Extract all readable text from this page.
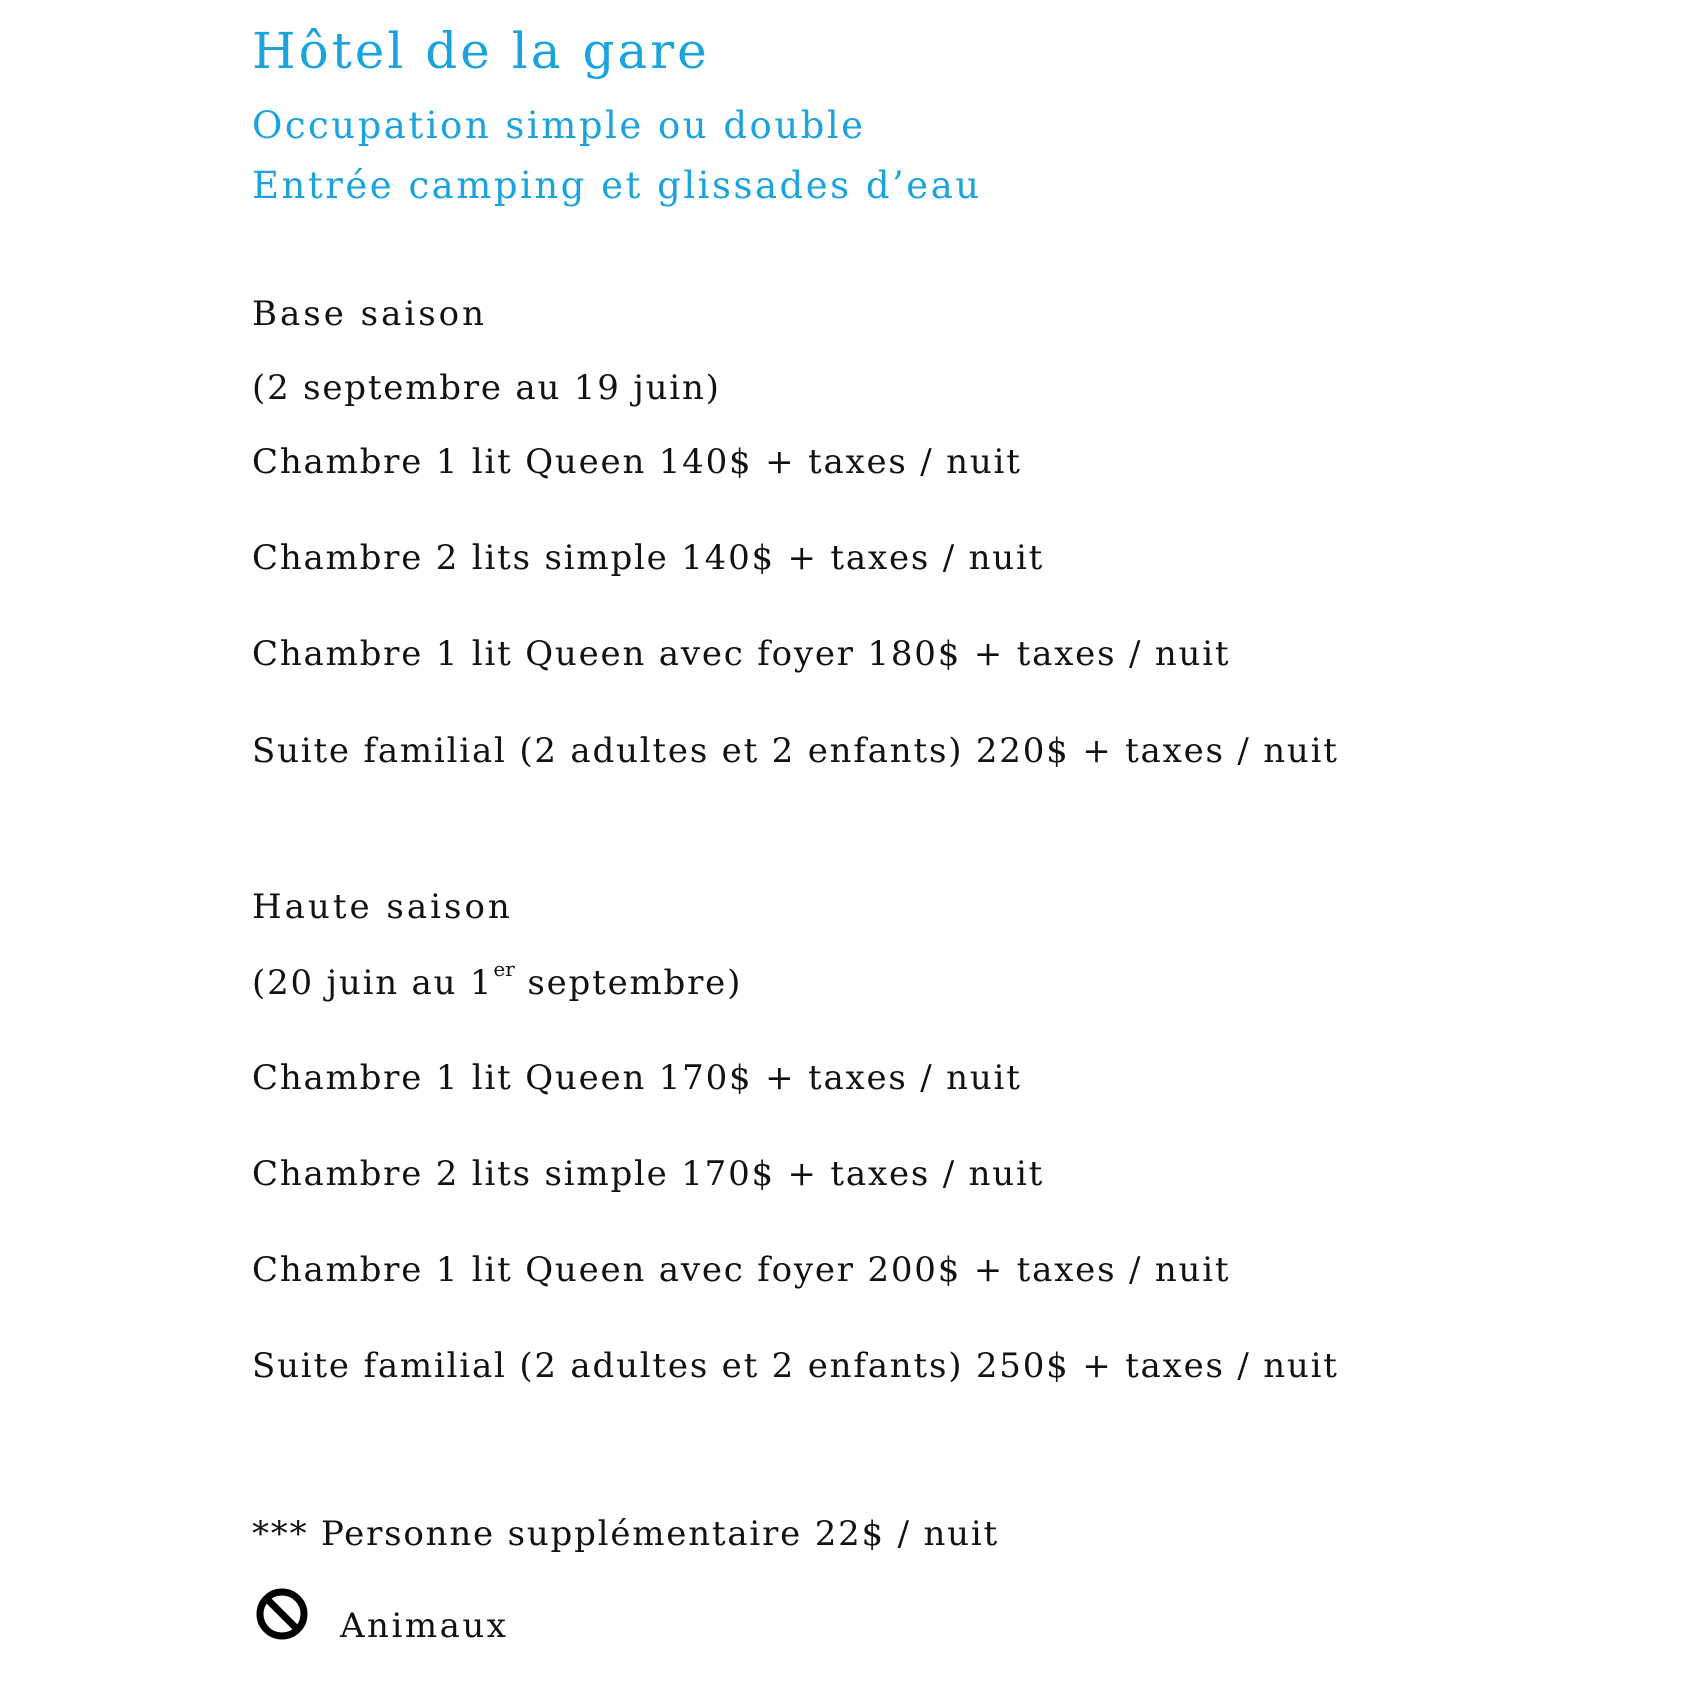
Hôtel de la gare
Occupation simple ou double
Entrée camping et glissades d’eau
Base saison
(2 septembre au 19 juin)
Chambre 1 lit Queen 140$ + taxes / nuit
Chambre 2 lits simple 140$ + taxes / nuit
Chambre 1 lit Queen avec foyer 180$ + taxes / nuit
Suite familial (2 adultes et 2 enfants) 220$ + taxes / nuit
Haute saison
(20 juin au 1er septembre)
Chambre 1 lit Queen 170$ + taxes / nuit
Chambre 2 lits simple 170$ + taxes / nuit
Chambre 1 lit Queen avec foyer 200$ + taxes / nuit
Suite familial (2 adultes et 2 enfants) 250$ + taxes / nuit
*** Personne supplémentaire 22$ / nuit
Animaux
